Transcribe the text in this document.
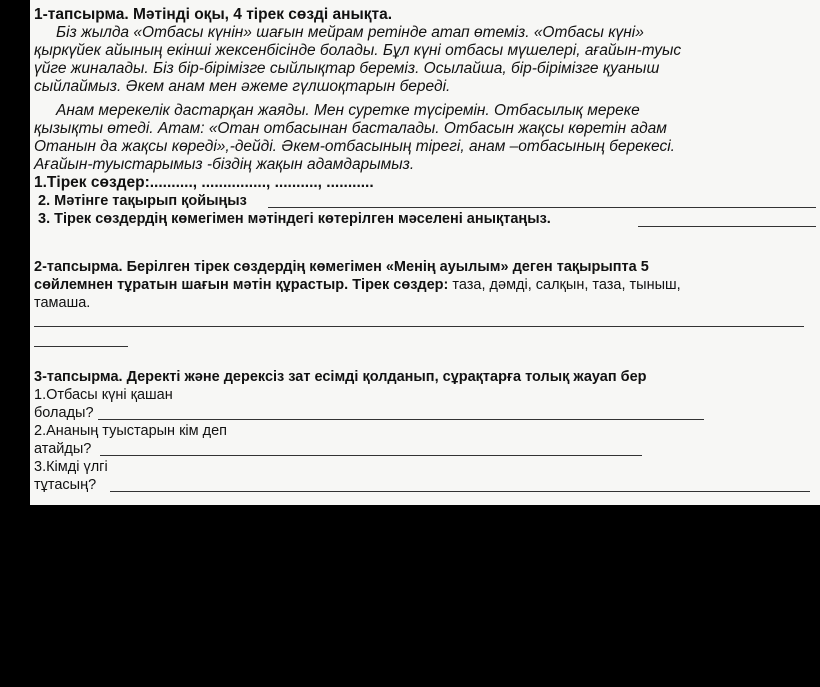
1-тапсырма. Мәтінді оқы, 4 тірек сөзді анықта.
Біз жылда «Отбасы күнін» шағын мейрам ретінде атап өтеміз. «Отбасы күні»
қыркүйек айының екінші жексенбісінде болады. Бұл күні отбасы мүшелері, ағайын-туыс
үйге жиналады. Біз бір-бірімізге сыйлықтар береміз. Осылайша, бір-бірімізге қуаныш
сыйлаймыз. Әкем анам мен әжеме гүлшоқтарын береді.
Анам мерекелік дастарқан жаяды. Мен суретке түсіремін. Отбасылық мереке
қызықты өтеді. Атам: «Отан отбасынан басталады. Отбасын жақсы көретін адам
Отанын да жақсы көреді»,-дейді. Әкем-отбасының тірегі, анам –отбасының берекесі.
Ағайын-туыстарымыз -біздің жақын адамдарымыз.
1.Тірек сөздер:.........., ..............., .........., ...........
2. Мәтінге тақырып қойыңыз
3. Тірек сөздердің көмегімен мәтіндегі көтерілген мәселені анықтаңыз.
2-тапсырма. Берілген тірек сөздердің көмегімен «Менің ауылым» деген тақырыпта 5
сөйлемнен тұратын шағын мәтін құрастыр. Тірек сөздер: таза, дәмді, салқын, таза, тыныш,
тамаша.
3-тапсырма. Деректі және дерексіз зат есімді қолданып, сұрақтарға толық жауап бер
1.Отбасы күні қашан
болады?
2.Ананың туыстарын кім деп
атайды?
3.Кімді үлгі
тұтасың?
